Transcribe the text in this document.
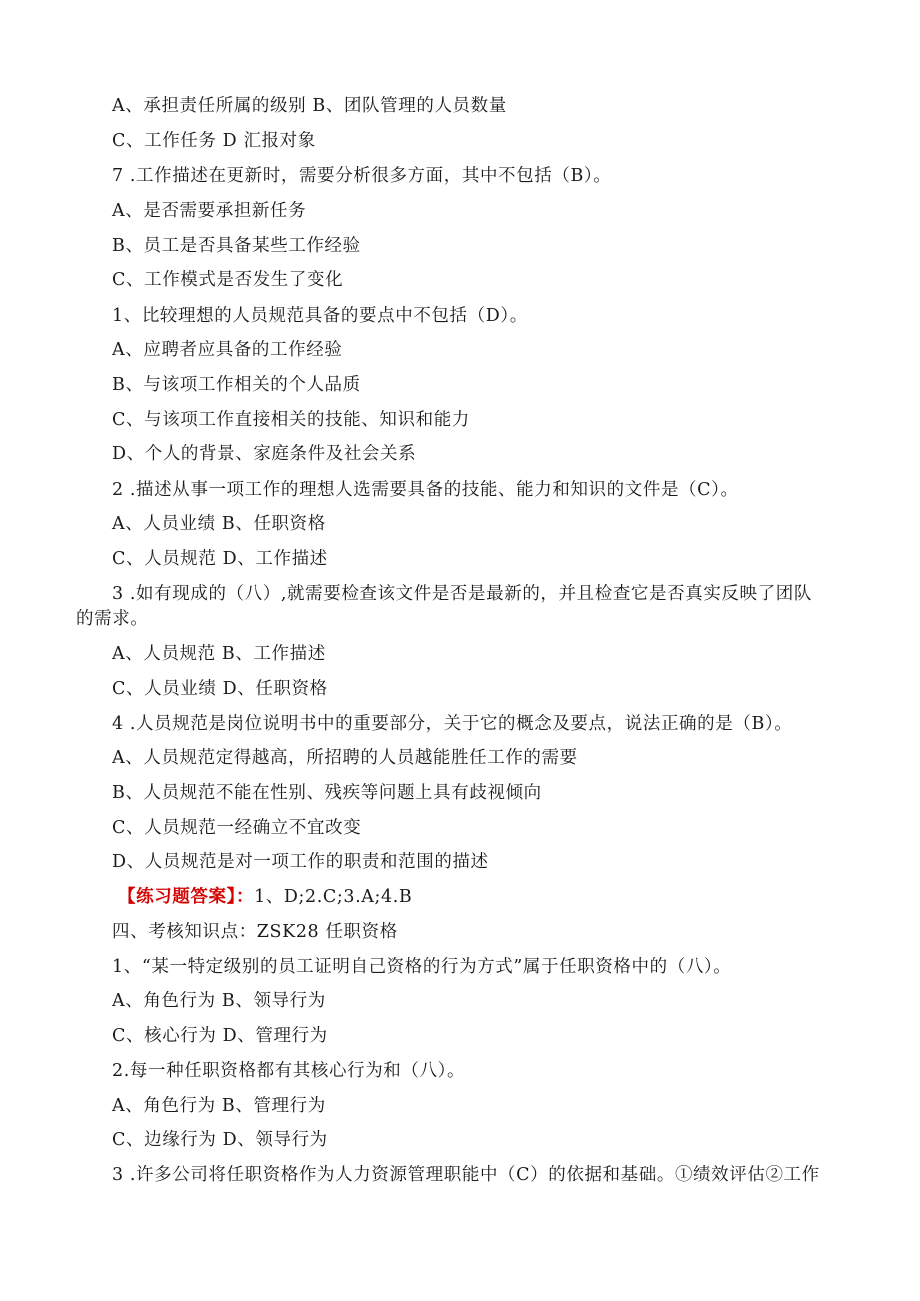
A、承担责任所属的级别 B、团队管理的人员数量
C、工作任务 D 汇报对象
7 .工作描述在更新时，需要分析很多方面，其中不包括（B）。
A、是否需要承担新任务
B、员工是否具备某些工作经验
C、工作模式是否发生了变化
1、比较理想的人员规范具备的要点中不包括（D）。
A、应聘者应具备的工作经验
B、与该项工作相关的个人品质
C、与该项工作直接相关的技能、知识和能力
D、个人的背景、家庭条件及社会关系
2 .描述从事一项工作的理想人选需要具备的技能、能力和知识的文件是（C）。
A、人员业绩 B、任职资格
C、人员规范 D、工作描述
3 .如有现成的（八）,就需要检查该文件是否是最新的，并且检查它是否真实反映了团队
的需求。
A、人员规范 B、工作描述
C、人员业绩 D、任职资格
4 .人员规范是岗位说明书中的重要部分，关于它的概念及要点，说法正确的是（B）。
A、人员规范定得越高，所招聘的人员越能胜任工作的需要
B、人员规范不能在性别、残疾等问题上具有歧视倾向
C、人员规范一经确立不宜改变
D、人员规范是对一项工作的职责和范围的描述
【练习题答案】：1、D;2.C;3.A;4.B
四、考核知识点：ZSK28 任职资格
1、“某一特定级别的员工证明自己资格的行为方式”属于任职资格中的（八）。
A、角色行为 B、领导行为
C、核心行为 D、管理行为
2.每一种任职资格都有其核心行为和（八）。
A、角色行为 B、管理行为
C、边缘行为 D、领导行为
3 .许多公司将任职资格作为人力资源管理职能中（C）的依据和基础。①绩效评估②工作
